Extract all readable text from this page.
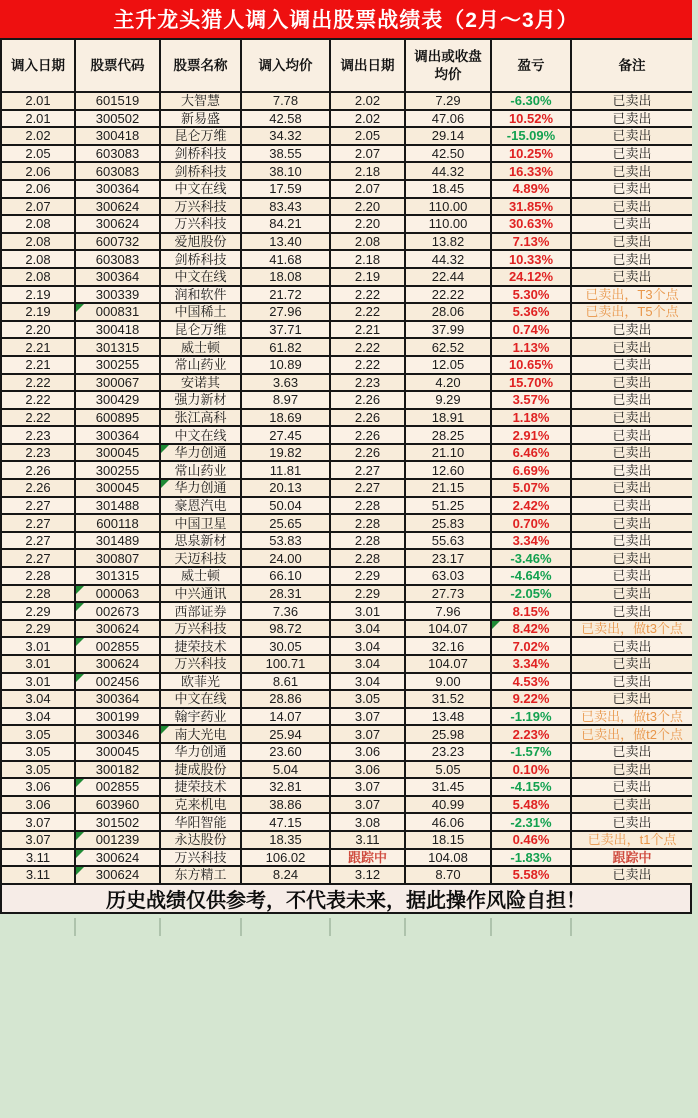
主升龙头猎人调入调出股票战绩表（2月～3月）
调入日期	股票代码	股票名称	调入均价	调出日期	调出或收盘均价	盈亏	备注
2.01	601519	大智慧	7.78	2.02	7.29	-6.30%	已卖出
2.01	300502	新易盛	42.58	2.02	47.06	10.52%	已卖出
2.02	300418	昆仑万维	34.32	2.05	29.14	-15.09%	已卖出
2.05	603083	剑桥科技	38.55	2.07	42.50	10.25%	已卖出
2.06	603083	剑桥科技	38.10	2.18	44.32	16.33%	已卖出
2.06	300364	中文在线	17.59	2.07	18.45	4.89%	已卖出
2.07	300624	万兴科技	83.43	2.20	110.00	31.85%	已卖出
2.08	300624	万兴科技	84.21	2.20	110.00	30.63%	已卖出
2.08	600732	爱旭股份	13.40	2.08	13.82	7.13%	已卖出
2.08	603083	剑桥科技	41.68	2.18	44.32	10.33%	已卖出
2.08	300364	中文在线	18.08	2.19	22.44	24.12%	已卖出
2.19	300339	润和软件	21.72	2.22	22.22	5.30%	已卖出，T3个点
2.19	000831	中国稀土	27.96	2.22	28.06	5.36%	已卖出，T5个点
2.20	300418	昆仑万维	37.71	2.21	37.99	0.74%	已卖出
2.21	301315	威士顿	61.82	2.22	62.52	1.13%	已卖出
2.21	300255	常山药业	10.89	2.22	12.05	10.65%	已卖出
2.22	300067	安诺其	3.63	2.23	4.20	15.70%	已卖出
2.22	300429	强力新材	8.97	2.26	9.29	3.57%	已卖出
2.22	600895	张江高科	18.69	2.26	18.91	1.18%	已卖出
2.23	300364	中文在线	27.45	2.26	28.25	2.91%	已卖出
2.23	300045	华力创通	19.82	2.26	21.10	6.46%	已卖出
2.26	300255	常山药业	11.81	2.27	12.60	6.69%	已卖出
2.26	300045	华力创通	20.13	2.27	21.15	5.07%	已卖出
2.27	301488	豪恩汽电	50.04	2.28	51.25	2.42%	已卖出
2.27	600118	中国卫星	25.65	2.28	25.83	0.70%	已卖出
2.27	301489	思泉新材	53.83	2.28	55.63	3.34%	已卖出
2.27	300807	天迈科技	24.00	2.28	23.17	-3.46%	已卖出
2.28	301315	威士顿	66.10	2.29	63.03	-4.64%	已卖出
2.28	000063	中兴通讯	28.31	2.29	27.73	-2.05%	已卖出
2.29	002673	西部证券	7.36	3.01	7.96	8.15%	已卖出
2.29	300624	万兴科技	98.72	3.04	104.07	8.42%	已卖出，做t3个点
3.01	002855	捷荣技术	30.05	3.04	32.16	7.02%	已卖出
3.01	300624	万兴科技	100.71	3.04	104.07	3.34%	已卖出
3.01	002456	欧菲光	8.61	3.04	9.00	4.53%	已卖出
3.04	300364	中文在线	28.86	3.05	31.52	9.22%	已卖出
3.04	300199	翰宇药业	14.07	3.07	13.48	-1.19%	已卖出，做t3个点
3.05	300346	南大光电	25.94	3.07	25.98	2.23%	已卖出，做t2个点
3.05	300045	华力创通	23.60	3.06	23.23	-1.57%	已卖出
3.05	300182	捷成股份	5.04	3.06	5.05	0.10%	已卖出
3.06	002855	捷荣技术	32.81	3.07	31.45	-4.15%	已卖出
3.06	603960	克来机电	38.86	3.07	40.99	5.48%	已卖出
3.07	301502	华阳智能	47.15	3.08	46.06	-2.31%	已卖出
3.07	001239	永达股份	18.35	3.11	18.15	0.46%	已卖出，t1个点
3.11	300624	万兴科技	106.02	跟踪中	104.08	-1.83%	跟踪中
3.11	300624	东方精工	8.24	3.12	8.70	5.58%	已卖出
历史战绩仅供参考，不代表未来，据此操作风险自担！
